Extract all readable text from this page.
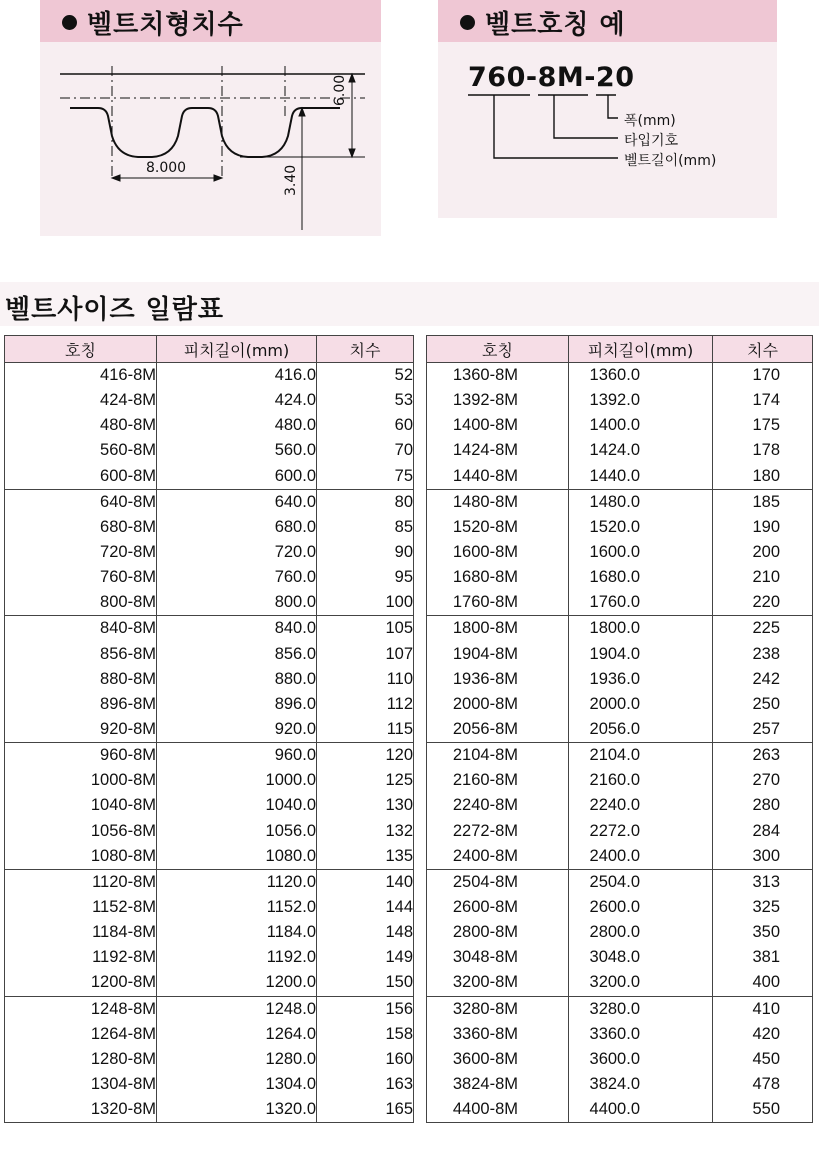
벨트치형치수
8.000
6.00
3.40
벨트호칭 예
760-8M-20
폭(mm)
타입기호
벨트길이(mm)
벨트사이즈 일람표
호칭	피치길이(mm)	치수
416-8M	416.0	52
424-8M	424.0	53
480-8M	480.0	60
560-8M	560.0	70
600-8M	600.0	75
640-8M	640.0	80
680-8M	680.0	85
720-8M	720.0	90
760-8M	760.0	95
800-8M	800.0	100
840-8M	840.0	105
856-8M	856.0	107
880-8M	880.0	110
896-8M	896.0	112
920-8M	920.0	115
960-8M	960.0	120
1000-8M	1000.0	125
1040-8M	1040.0	130
1056-8M	1056.0	132
1080-8M	1080.0	135
1120-8M	1120.0	140
1152-8M	1152.0	144
1184-8M	1184.0	148
1192-8M	1192.0	149
1200-8M	1200.0	150
1248-8M	1248.0	156
1264-8M	1264.0	158
1280-8M	1280.0	160
1304-8M	1304.0	163
1320-8M	1320.0	165
호칭	피치길이(mm)	치수
1360-8M	1360.0	170
1392-8M	1392.0	174
1400-8M	1400.0	175
1424-8M	1424.0	178
1440-8M	1440.0	180
1480-8M	1480.0	185
1520-8M	1520.0	190
1600-8M	1600.0	200
1680-8M	1680.0	210
1760-8M	1760.0	220
1800-8M	1800.0	225
1904-8M	1904.0	238
1936-8M	1936.0	242
2000-8M	2000.0	250
2056-8M	2056.0	257
2104-8M	2104.0	263
2160-8M	2160.0	270
2240-8M	2240.0	280
2272-8M	2272.0	284
2400-8M	2400.0	300
2504-8M	2504.0	313
2600-8M	2600.0	325
2800-8M	2800.0	350
3048-8M	3048.0	381
3200-8M	3200.0	400
3280-8M	3280.0	410
3360-8M	3360.0	420
3600-8M	3600.0	450
3824-8M	3824.0	478
4400-8M	4400.0	550
